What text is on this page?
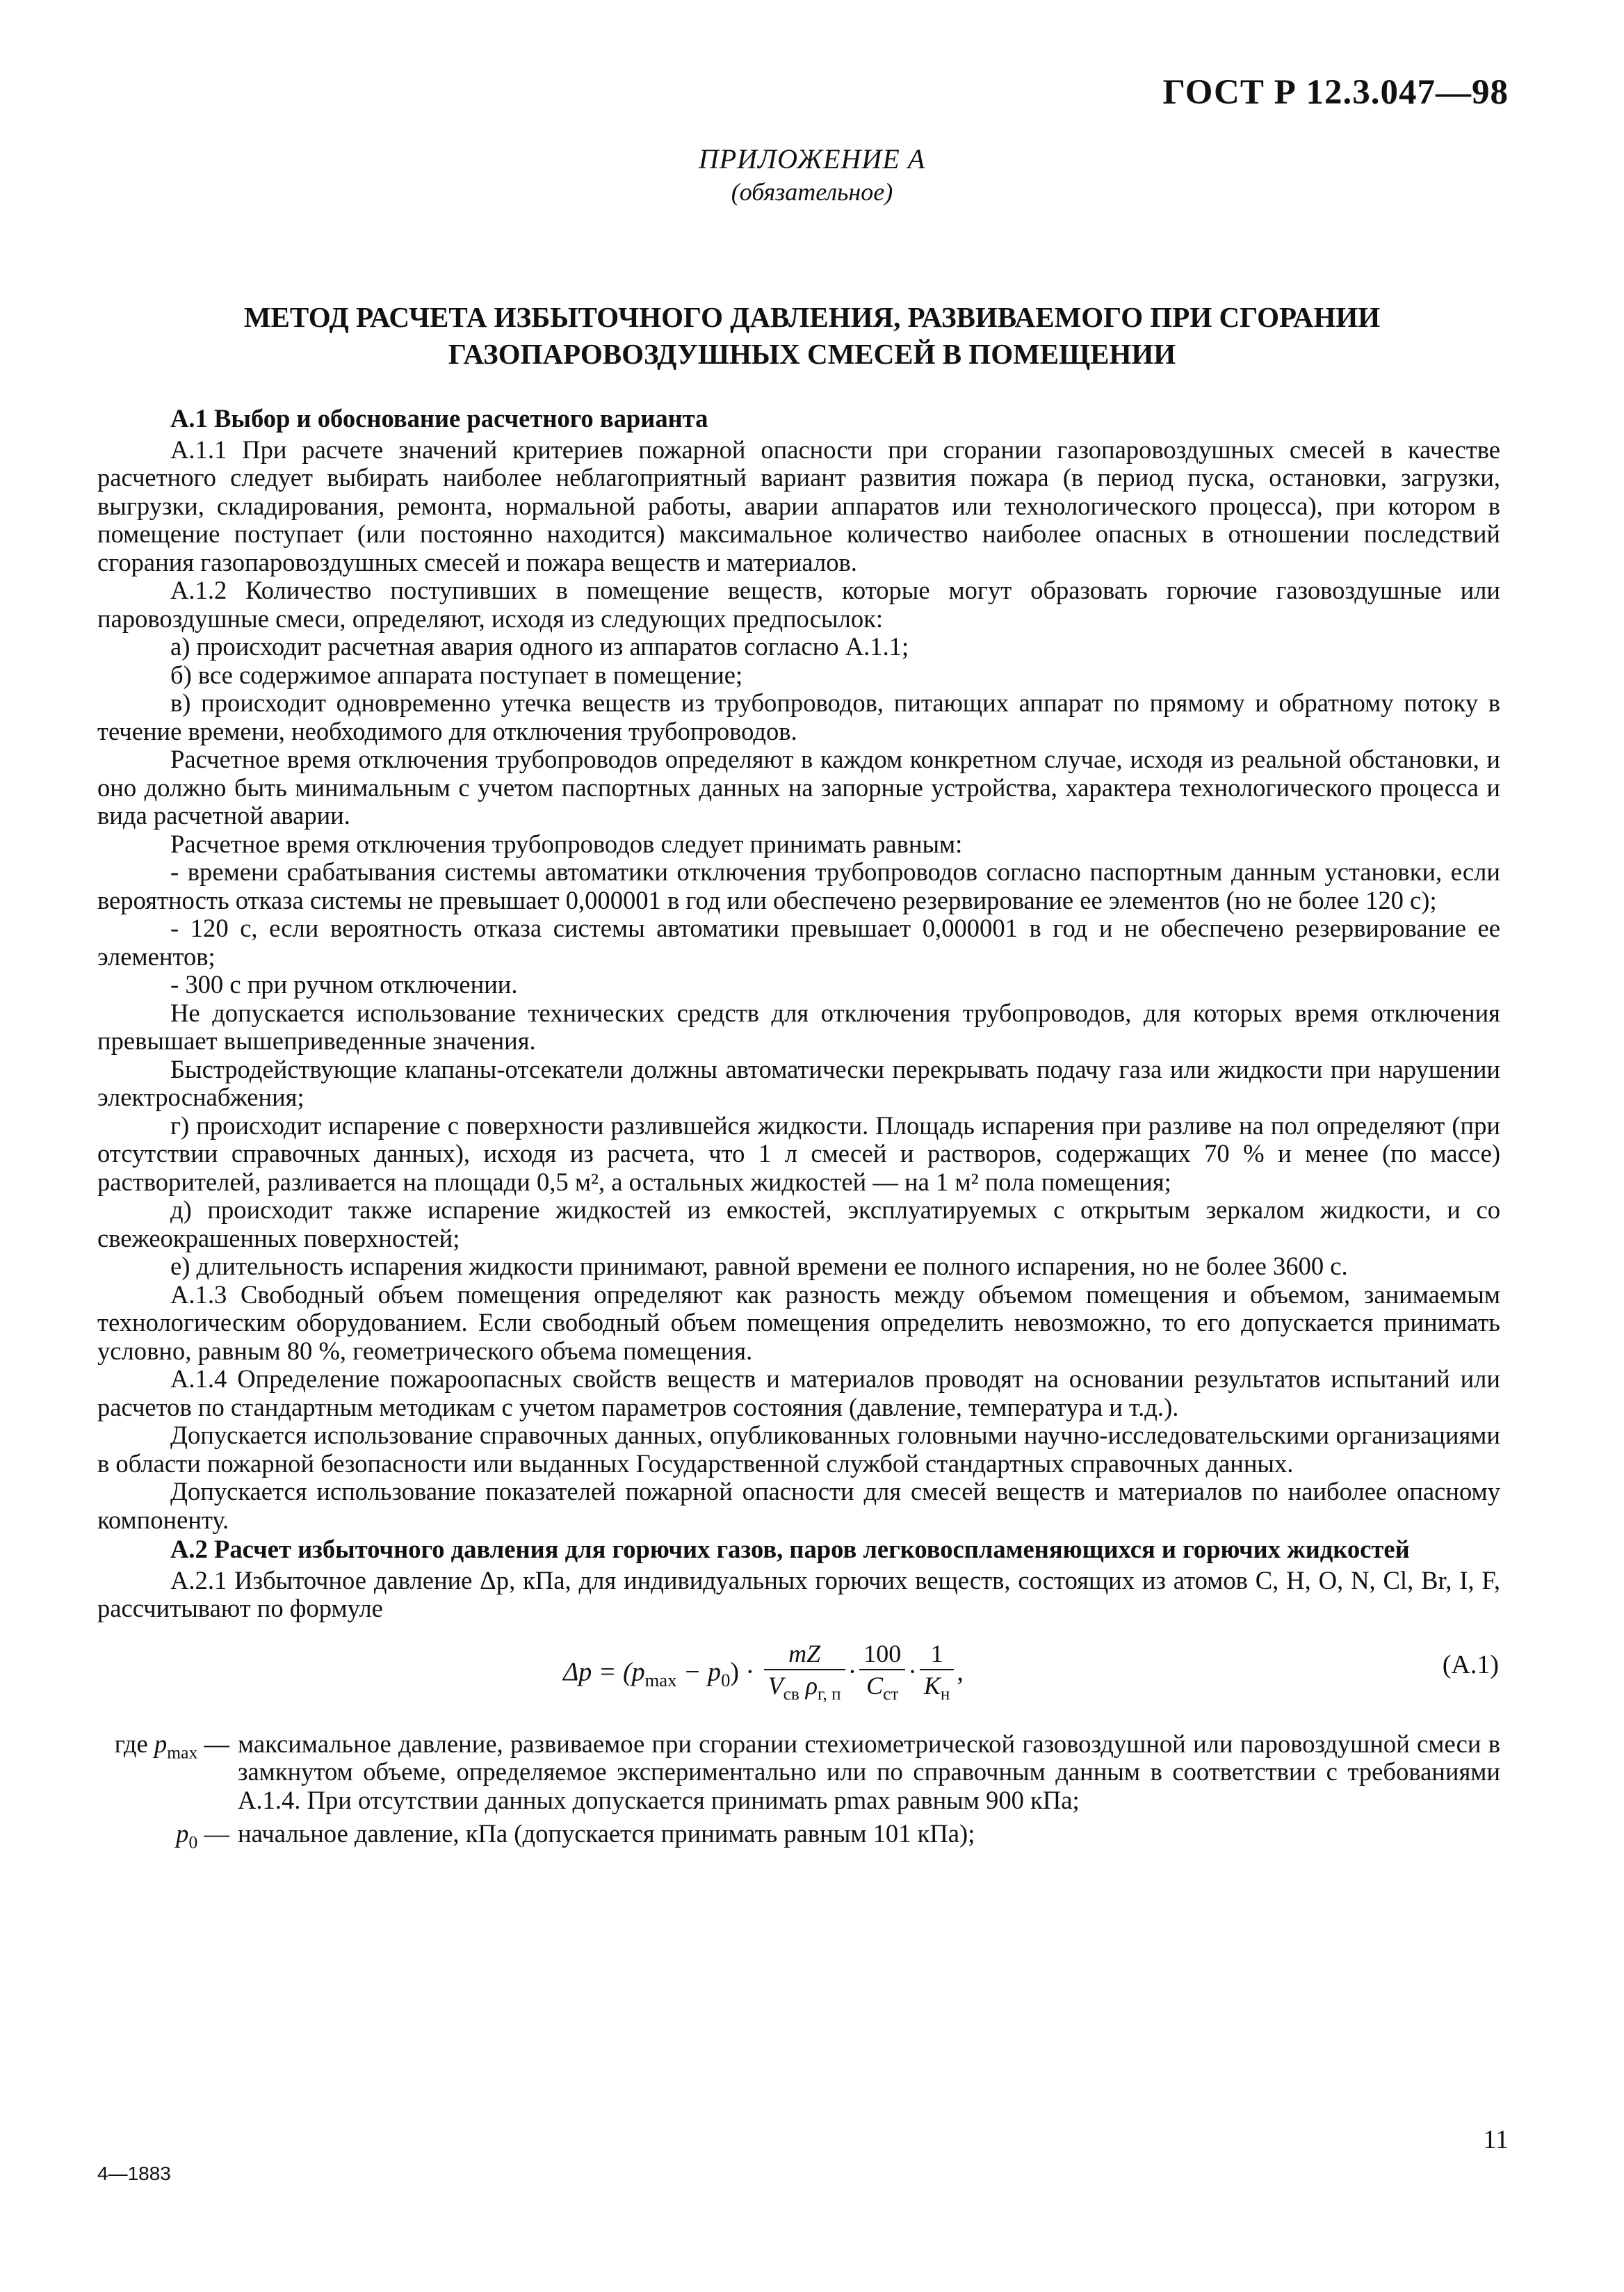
ГОСТ Р 12.3.047—98
ПРИЛОЖЕНИЕ А
(обязательное)
МЕТОД РАСЧЕТА ИЗБЫТОЧНОГО ДАВЛЕНИЯ, РАЗВИВАЕМОГО ПРИ СГОРАНИИ
ГАЗОПАРОВОЗДУШНЫХ СМЕСЕЙ В ПОМЕЩЕНИИ

А.1 Выбор и обоснование расчетного варианта

А.1.1 При расчете значений критериев пожарной опасности при сгорании газопаровоздушных смесей в качестве расчетного следует выбирать наиболее неблагоприятный вариант развития пожара (в период пуска, остановки, загрузки, выгрузки, складирования, ремонта, нормальной работы, аварии аппаратов или технологического процесса), при котором в помещение поступает (или постоянно находится) максимальное количество наиболее опасных в отношении последствий сгорания газопаровоздушных смесей и пожара веществ и материалов.

А.1.2 Количество поступивших в помещение веществ, которые могут образовать горючие газовоздушные или паровоздушные смеси, определяют, исходя из следующих предпосылок:

а) происходит расчетная авария одного из аппаратов согласно А.1.1;

б) все содержимое аппарата поступает в помещение;

в) происходит одновременно утечка веществ из трубопроводов, питающих аппарат по прямому и обратному потоку в течение времени, необходимого для отключения трубопроводов.

Расчетное время отключения трубопроводов определяют в каждом конкретном случае, исходя из реальной обстановки, и оно должно быть минимальным с учетом паспортных данных на запорные устройства, характера технологического процесса и вида расчетной аварии.

Расчетное время отключения трубопроводов следует принимать равным:

- времени срабатывания системы автоматики отключения трубопроводов согласно паспортным данным установки, если вероятность отказа системы не превышает 0,000001 в год или обеспечено резервирование ее элементов (но не более 120 с);

- 120 с, если вероятность отказа системы автоматики превышает 0,000001 в год и не обеспечено резервирование ее элементов;

- 300 с при ручном отключении.

Не допускается использование технических средств для отключения трубопроводов, для которых время отключения превышает вышеприведенные значения.

Быстродействующие клапаны-отсекатели должны автоматически перекрывать подачу газа или жидкости при нарушении электроснабжения;

г) происходит испарение с поверхности разлившейся жидкости. Площадь испарения при разливе на пол определяют (при отсутствии справочных данных), исходя из расчета, что 1 л смесей и растворов, содержащих 70 % и менее (по массе) растворителей, разливается на площади 0,5 м², а остальных жидкостей — на 1 м² пола помещения;

д) происходит также испарение жидкостей из емкостей, эксплуатируемых с открытым зеркалом жидкости, и со свежеокрашенных поверхностей;

е) длительность испарения жидкости принимают, равной времени ее полного испарения, но не более 3600 с.

А.1.3 Свободный объем помещения определяют как разность между объемом помещения и объемом, занимаемым технологическим оборудованием. Если свободный объем помещения определить невозможно, то его допускается принимать условно, равным 80 %, геометрического объема помещения.

А.1.4 Определение пожароопасных свойств веществ и материалов проводят на основании результатов испытаний или расчетов по стандартным методикам с учетом параметров состояния (давление, температура и т.д.).

Допускается использование справочных данных, опубликованных головными научно-исследовательскими организациями в области пожарной безопасности или выданных Государственной службой стандартных справочных данных.

Допускается использование показателей пожарной опасности для смесей веществ и материалов по наиболее опасному компоненту.

А.2 Расчет избыточного давления для горючих газов, паров легковоспламеняющихся и горючих жидкостей

А.2.1 Избыточное давление Δp, кПа, для индивидуальных горючих веществ, состоящих из атомов С, Н, О, N, Cl, Br, I, F, рассчитывают по формуле

$\Delta p = (p_{max} - p_0) \cdot \frac{mZ}{V_{св} \rho_{г, п}} \cdot \frac{100}{C_{ст}} \cdot \frac{1}{K_н}$ ,	(А.1)
где $p_{max}$ — максимальное давление, развиваемое при сгорании стехиометрической газовоздушной или паровоздушной смеси в замкнутом объеме, определяемое экспериментально или по справочным данным в соответствии с требованиями А.1.4. При отсутствии данных допускается принимать pmax равным 900 кПа;
$p_0$ — начальное давление, кПа (допускается принимать равным 101 кПа);
11
4—1883
